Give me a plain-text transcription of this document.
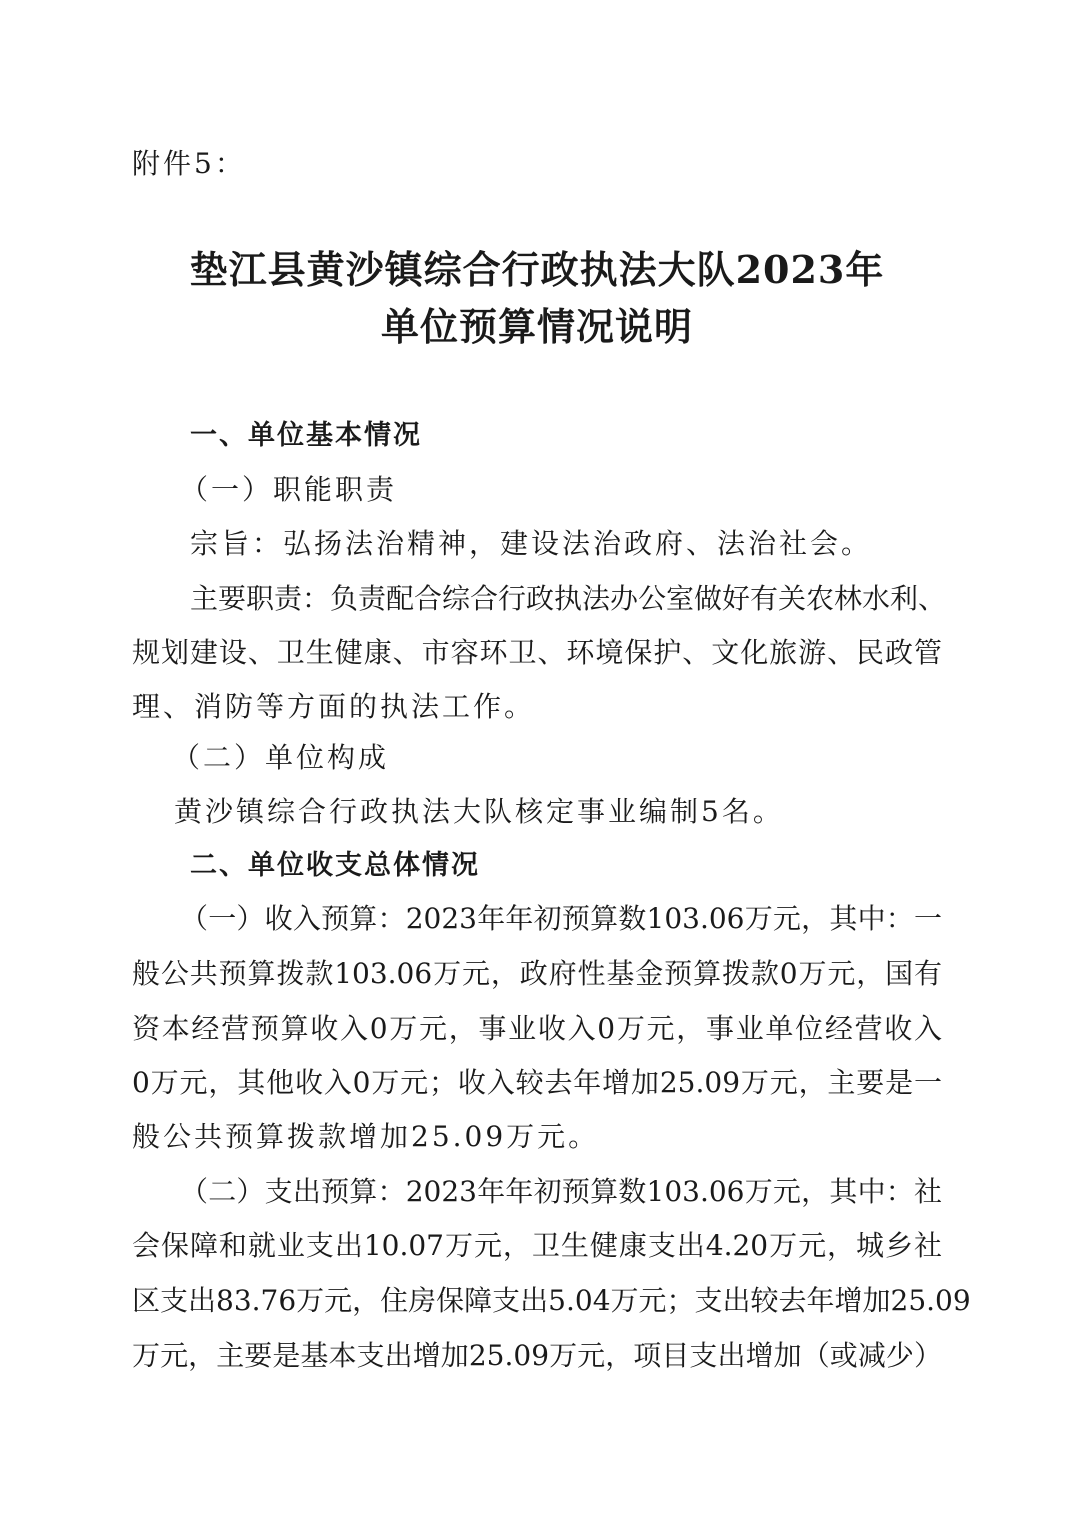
附件5：
垫江县黄沙镇综合行政执法大队2023年
单位预算情况说明
一、单位基本情况
（一）职能职责
宗旨：弘扬法治精神，建设法治政府、法治社会。
主要职责：负责配合综合行政执法办公室做好有关农林水利、
规划建设、卫生健康、市容环卫、环境保护、文化旅游、民政管
理、消防等方面的执法工作。
（二）单位构成
黄沙镇综合行政执法大队核定事业编制5名。
二、单位收支总体情况
（一）收入预算：2023年年初预算数103.06万元，其中：一
般公共预算拨款103.06万元，政府性基金预算拨款0万元，国有
资本经营预算收入0万元，事业收入0万元，事业单位经营收入
0万元，其他收入0万元；收入较去年增加25.09万元，主要是一
般公共预算拨款增加25.09万元。
（二）支出预算：2023年年初预算数103.06万元，其中：社
会保障和就业支出10.07万元，卫生健康支出4.20万元，城乡社
区支出83.76万元，住房保障支出5.04万元；支出较去年增加25.09
万元，主要是基本支出增加25.09万元，项目支出增加（或减少）
